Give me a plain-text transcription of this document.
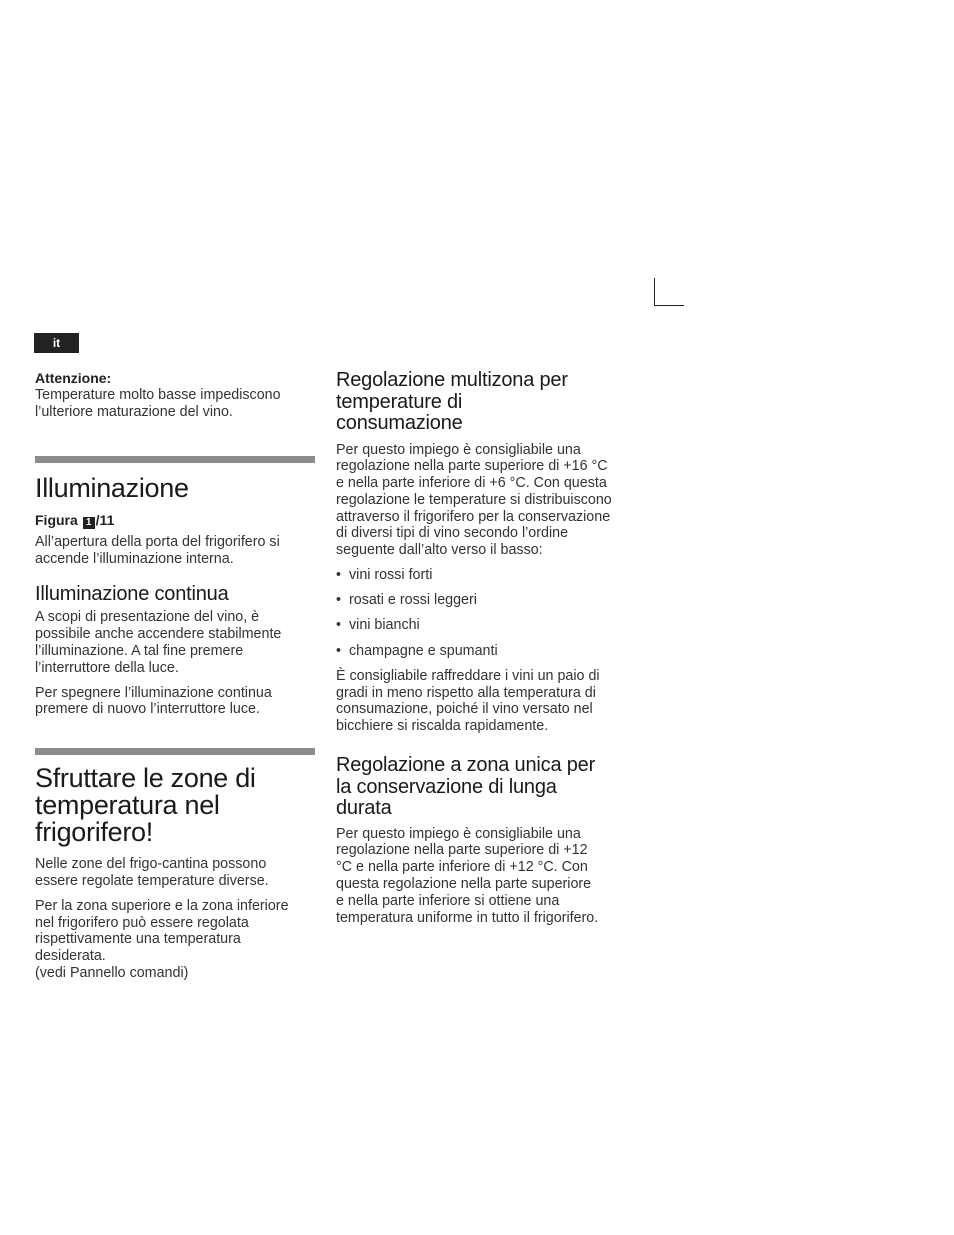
it

Attenzione:

Temperature molto basse impediscono l’ulteriore maturazione del vino.

Illuminazione

Figura 1 /11

All’apertura della porta del frigorifero si accende l’illuminazione interna.

Illuminazione continua

A scopi di presentazione del vino, è possibile anche accendere stabilmente l’illuminazione. A tal fine premere l’interruttore della luce.

Per spegnere l’illuminazione continua premere di nuovo l’interruttore luce.

Sfruttare le zone di temperatura nel frigorifero!

Nelle zone del frigo-cantina possono essere regolate temperature diverse.

Per la zona superiore e la zona inferiore nel frigorifero può essere regolata rispettivamente una temperatura desiderata.

(vedi Pannello comandi)

Regolazione multizona per temperature di consumazione

Per questo impiego è consigliabile una regolazione nella parte superiore di +16 °C e nella parte inferiore di +6 °C. Con questa regolazione le temperature si distribuiscono attraverso il frigorifero per la conservazione di diversi tipi di vino secondo l’ordine seguente dall’alto verso il basso:

• vini rossi forti
• rosati e rossi leggeri
• vini bianchi
• champagne e spumanti

È consigliabile raffreddare i vini un paio di gradi in meno rispetto alla temperatura di consumazione, poiché il vino versato nel bicchiere si riscalda rapidamente.

Regolazione a zona unica per la conservazione di lunga durata

Per questo impiego è consigliabile una regolazione nella parte superiore di +12 °C e nella parte inferiore di +12 °C. Con questa regolazione nella parte superiore e nella parte inferiore si ottiene una temperatura uniforme in tutto il frigorifero.
